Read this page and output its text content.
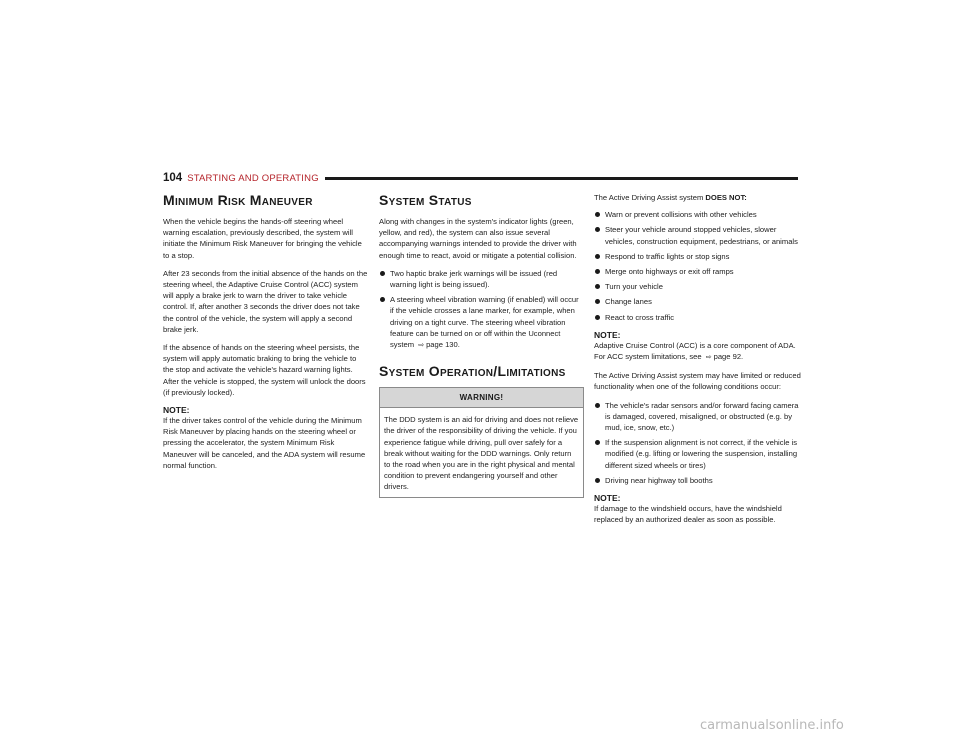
104 STARTING AND OPERATING
Minimum Risk Maneuver

When the vehicle begins the hands-off steering wheel warning escalation, previously described, the system will initiate the Minimum Risk Maneuver for bringing the vehicle to a stop.

After 23 seconds from the initial absence of the hands on the steering wheel, the Adaptive Cruise Control (ACC) system will apply a brake jerk to warn the driver to take vehicle control. If, after another 3 seconds the driver does not take the control of the vehicle, the system will apply a second brake jerk.

If the absence of hands on the steering wheel persists, the system will apply automatic braking to bring the vehicle to the stop and activate the vehicle's hazard warning lights. After the vehicle is stopped, the system will unlock the doors (if previously locked).

NOTE:

If the driver takes control of the vehicle during the Minimum Risk Maneuver by placing hands on the steering wheel or pressing the accelerator, the system Minimum Risk Maneuver will be canceled, and the ADA system will resume normal function.

System Status

Along with changes in the system's indicator lights (green, yellow, and red), the system can also issue several accompanying warnings intended to provide the driver with enough time to react, avoid or mitigate a potential collision.

Two haptic brake jerk warnings will be issued (red warning light is being issued).
A steering wheel vibration warning (if enabled) will occur if the vehicle crosses a lane marker, for example, when driving on a tight curve. The steering wheel vibration feature can be turned on or off within the Uconnect system ⇨ page 130.
System Operation/Limitations
WARNING!

The DDD system is an aid for driving and does not relieve the driver of the responsibility of driving the vehicle. If you experience fatigue while driving, pull over safely for a break without waiting for the DDD warnings. Only return to the road when you are in the right physical and mental condition to prevent endangering yourself and other drivers.

The Active Driving Assist system DOES NOT:

Warn or prevent collisions with other vehicles
Steer your vehicle around stopped vehicles, slower vehicles, construction equipment, pedestrians, or animals
Respond to traffic lights or stop signs
Merge onto highways or exit off ramps
Turn your vehicle
Change lanes
React to cross traffic
NOTE:

Adaptive Cruise Control (ACC) is a core component of ADA. For ACC system limitations, see ⇨ page 92.

The Active Driving Assist system may have limited or reduced functionality when one of the following conditions occur:

The vehicle's radar sensors and/or forward facing camera is damaged, covered, misaligned, or obstructed (e.g. by mud, ice, snow, etc.)
If the suspension alignment is not correct, if the vehicle is modified (e.g. lifting or lowering the suspension, installing different sized wheels or tires)
Driving near highway toll booths
NOTE:

If damage to the windshield occurs, have the windshield replaced by an authorized dealer as soon as possible.

carmanualsonline.info
